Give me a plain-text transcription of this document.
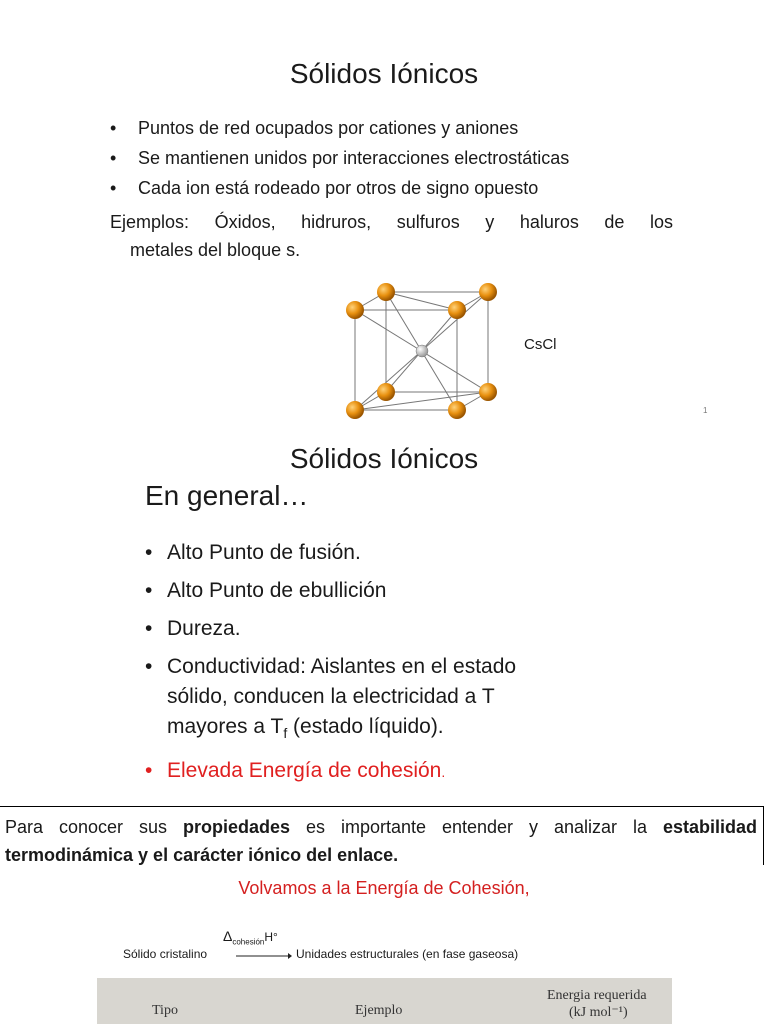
Sólidos Iónicos
• Puntos de red ocupados por cationes y aniones
• Se mantienen unidos por interacciones electrostáticas
• Cada ion está rodeado por otros de signo opuesto
Ejemplos: Óxidos, hidruros, sulfuros y haluros de los
metales del bloque s.
CsCl
1
Sólidos Iónicos
En general…
• Alto Punto de fusión.
• Alto Punto de ebullición
• Dureza.
• Conductividad: Aislantes en el estado
sólido, conducen la electricidad a T
mayores a $T_f$ (estado líquido).
• Elevada Energía de cohesión.

Para conocer sus propiedades es importante entender y analizar la estabilidad termodinámica y el carácter iónico del enlace.

Volvamos a la Energía de Cohesión,
$\Delta_{cohesión}H^\circ$
Sólido cristalino → Unidades estructurales (en fase gaseosa)
Tipo	Ejemplo
Energia requerida
(kJ mol⁻¹)
